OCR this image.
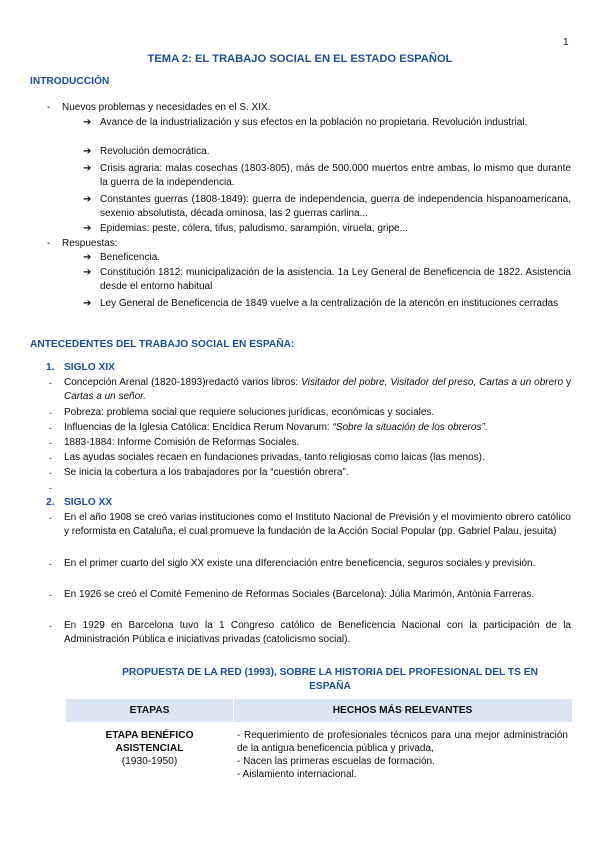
1
TEMA 2: EL TRABAJO SOCIAL EN EL ESTADO ESPAÑOL
INTRODUCCIÓN
- Nuevos problemas y necesidades en el S. XIX.
➔ Avance de la industrialización y sus efectos en la población no propietaria. Revolución industrial.
➔ Revolución democrática.
➔ Crisis agraria: malas cosechas (1803-805), más de 500.000 muertos entre ambas, lo mismo que durante la guerra de la independencia.
➔ Constantes guerras (1808-1849): guerra de independencia, guerra de independencia hispanoamericana, sexenio absolutista, década ominosa, las 2 guerras carlina...
➔ Epidemias: peste, cólera, tifus, paludismo, sarampión, viruela, gripe...
- Respuestas:
➔ Beneficencia.
➔ Constitución 1812: municipalización de la asistencia. 1a Ley General de Beneficencia de 1822. Asistencia desde el entorno habitual
➔ Ley General de Beneficencia de 1849 vuelve a la centralización de la atencón en instituciones cerradas
ANTECEDENTES DEL TRABAJO SOCIAL EN ESPAÑA:
1. SIGLO XIX
- Concepción Arenal (1820-1893)redactó varios libros: Visitador del pobre, Visitador del preso, Cartas a un obrero y Cartas a un señor.
- Pobreza: problema social que requiere soluciones jurídicas, económicas y sociales.
- Influencias de la Iglesia Católica: Encídica Rerum Novarum: “Sobre la situación de los obreros”.
- 1883-1884: Informe Comisión de Reformas Sociales.
- Las ayudas sociales recaen en fundaciones privadas, tanto religiosas como laicas (las menos).
- Se inicia la cobertura a los trabajadores por la “cuestión obrera”.
-
2. SIGLO XX
- En el año 1908 se creó varias instituciones como el Instituto Nacional de Previsión y el movimiento obrero católico y reformista en Cataluña, el cual promueve la fundación de la Acción Social Popular (pp. Gabriel Palau, jesuita)
- En el primer cuarto del siglo XX existe una dIferenciación entre beneficencia, seguros sociales y previsión.
- En 1926 se creó el Comité Femenino de Reformas Sociales (Barcelona): Júlia Marimón, Antònia Farreras.
- En 1929 en Barcelona tuvo la 1 Congreso católico de Beneficencia Nacional con la participación de la Administración Pública e iniciativas privadas (catolicismo social).
PROPUESTA DE LA RED (1993), SOBRE LA HISTORIA DEL PROFESIONAL DEL TS EN ESPAÑA
ETAPAS	HECHOS MÁS RELEVANTES
ETAPA BENÉFICO ASISTENCIAL
(1930-1950)
- Requerimiento de profesionales técnicos para una mejor administración de la antigua beneficencia pública y privada,
- Nacen las primeras escuelas de formación.
- Aislamiento internacional.
